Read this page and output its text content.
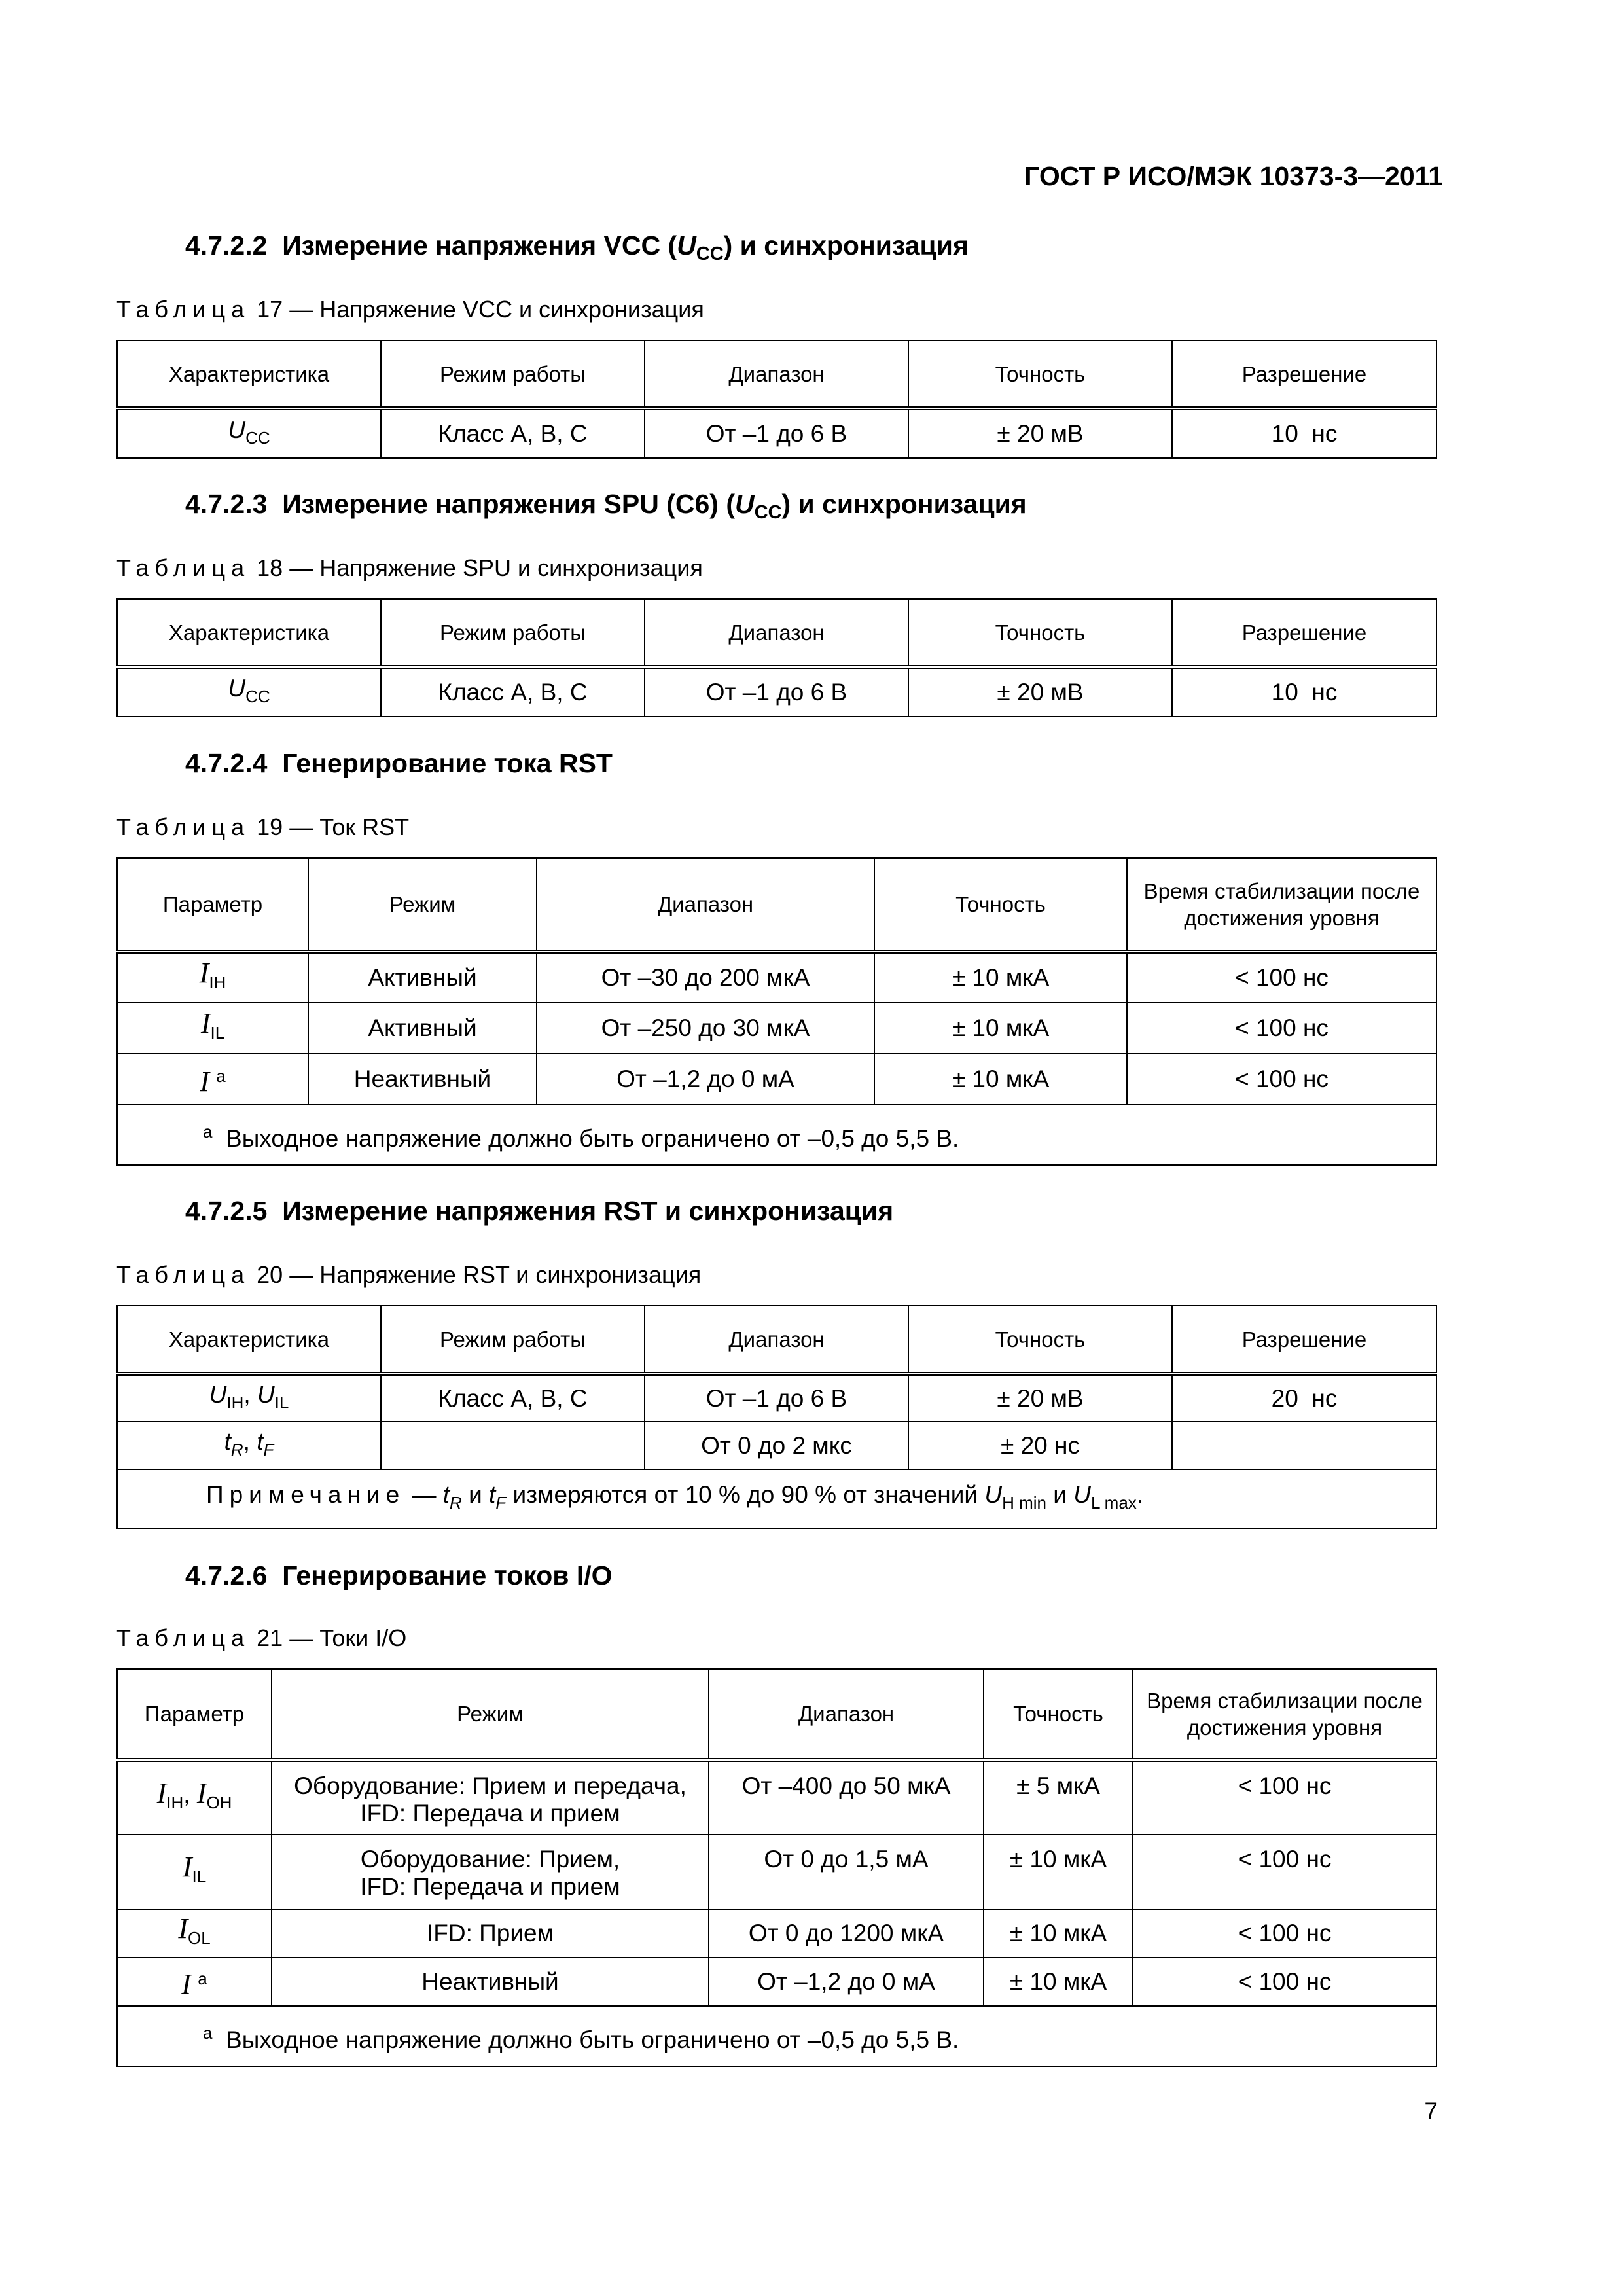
ГОСТ Р ИСО/МЭК 10373-3—2011
4.7.2.2 Измерение напряжения VCC $(U_{CC})$ и синхронизация
Таблица 17 — Напряжение VCC и синхронизация
Характеристика	Режим работы	Диапазон	Точность	Разрешение
$U_{CC}$	Класс A, B, C	От –1 до 6 В	± 20 мВ	10  нс
4.7.2.3 Измерение напряжения SPU (C6) $(U_{CC})$ и синхронизация
Таблица 18 — Напряжение SPU и синхронизация
Характеристика	Режим работы	Диапазон	Точность	Разрешение
$U_{CC}$	Класс A, B, C	От –1 до 6 В	± 20 мВ	10  нс
4.7.2.4 Генерирование тока RST
Таблица 19 — Ток RST
Параметр	Режим	Диапазон	Точность	Время стабилизации после достижения уровня
$I_{IH}$	Активный	От –30 до 200 мкА	± 10 мкА	< 100 нс
$I_{IL}$	Активный	От –250 до 30 мкА	± 10 мкА	< 100 нс
I $^a$	Неактивный	От –1,2 до 0 мА	± 10 мкА	< 100 нс
$^a$ Выходное напряжение должно быть ограничено от –0,5 до 5,5 В.				
4.7.2.5 Измерение напряжения RST и синхронизация
Таблица 20 — Напряжение RST и синхронизация
Характеристика	Режим работы	Диапазон	Точность	Разрешение
$U_{IH}$, $U_{IL}$	Класс A, B, C	От –1 до 6 В	± 20 мВ	20  нс
$t_R$, $t_F$		От 0 до 2 мкс	± 20 нс	
Примечание — $t_R$ и $t_F$ измеряются от 10 % до 90 % от значений $U_{H min}$ и $U_{L max}$.				
4.7.2.6 Генерирование токов I/O
Таблица 21 — Токи I/O
Параметр	Режим	Диапазон	Точность	Время стабилизации после достижения уровня
$I_{IH}$, $I_{OH}$	Оборудование: Прием и передача,
IFD: Передача и прием	От –400 до 50 мкА	± 5 мкА	< 100 нс
$I_{IL}$	Оборудование: Прием,
IFD: Передача и прием	От 0 до 1,5 мА	± 10 мкА	< 100 нс
$I_{OL}$	IFD: Прием	От 0 до 1200 мкА	± 10 мкА	< 100 нс
I $^a$	Неактивный	От –1,2 до 0 мА	± 10 мкА	< 100 нс
$^a$ Выходное напряжение должно быть ограничено от –0,5 до 5,5 В.				
7
